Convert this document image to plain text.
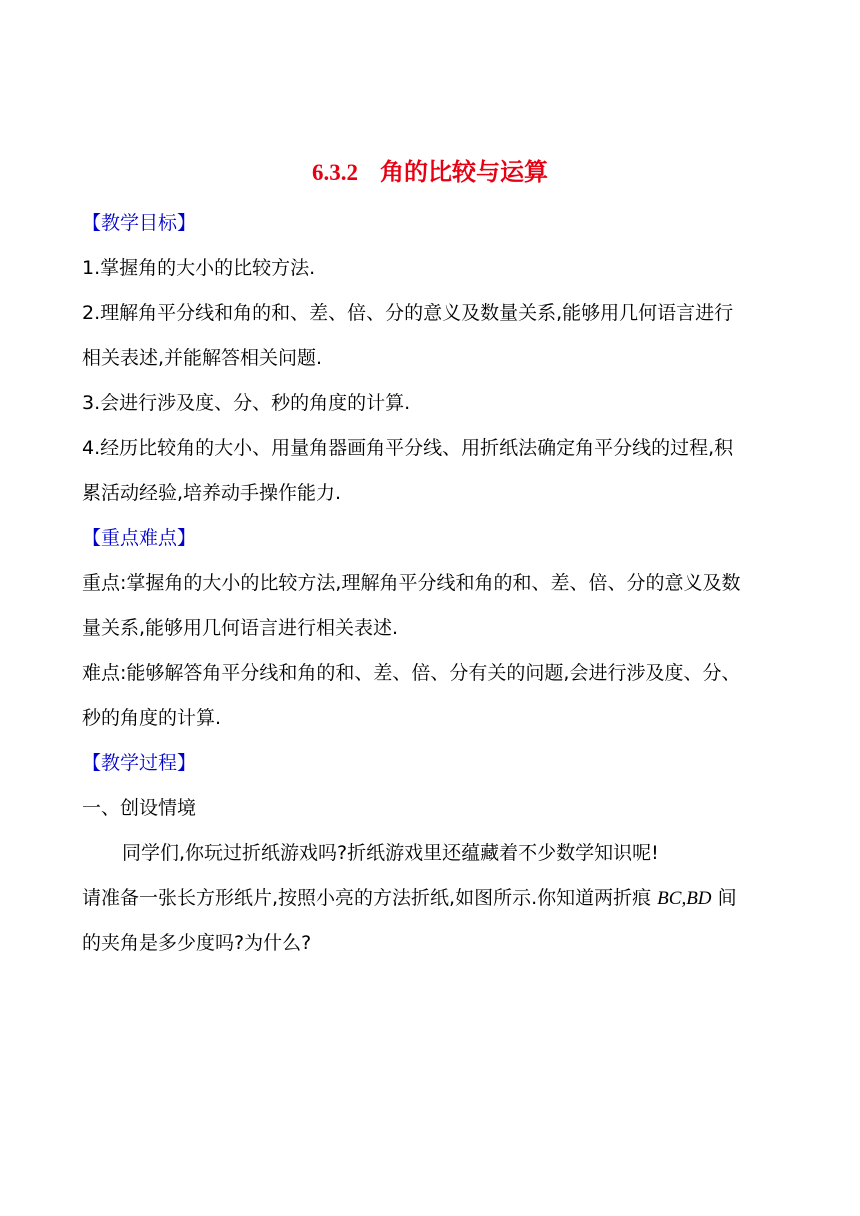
6.3.2 角的比较与运算

【教学目标】

1.掌握角的大小的比较方法.

2.理解角平分线和角的和、差、倍、分的意义及数量关系,能够用几何语言进行

相关表述,并能解答相关问题.

3.会进行涉及度、分、秒的角度的计算.

4.经历比较角的大小、用量角器画角平分线、用折纸法确定角平分线的过程,积

累活动经验,培养动手操作能力.

【重点难点】

重点:掌握角的大小的比较方法,理解角平分线和角的和、差、倍、分的意义及数

量关系,能够用几何语言进行相关表述.

难点:能够解答角平分线和角的和、差、倍、分有关的问题,会进行涉及度、分、

秒的角度的计算.

【教学过程】

一、创设情境

同学们,你玩过折纸游戏吗?折纸游戏里还蕴藏着不少数学知识呢!

请准备一张长方形纸片,按照小亮的方法折纸,如图所示.你知道两折痕 BC,BD 间

的夹角是多少度吗?为什么?
